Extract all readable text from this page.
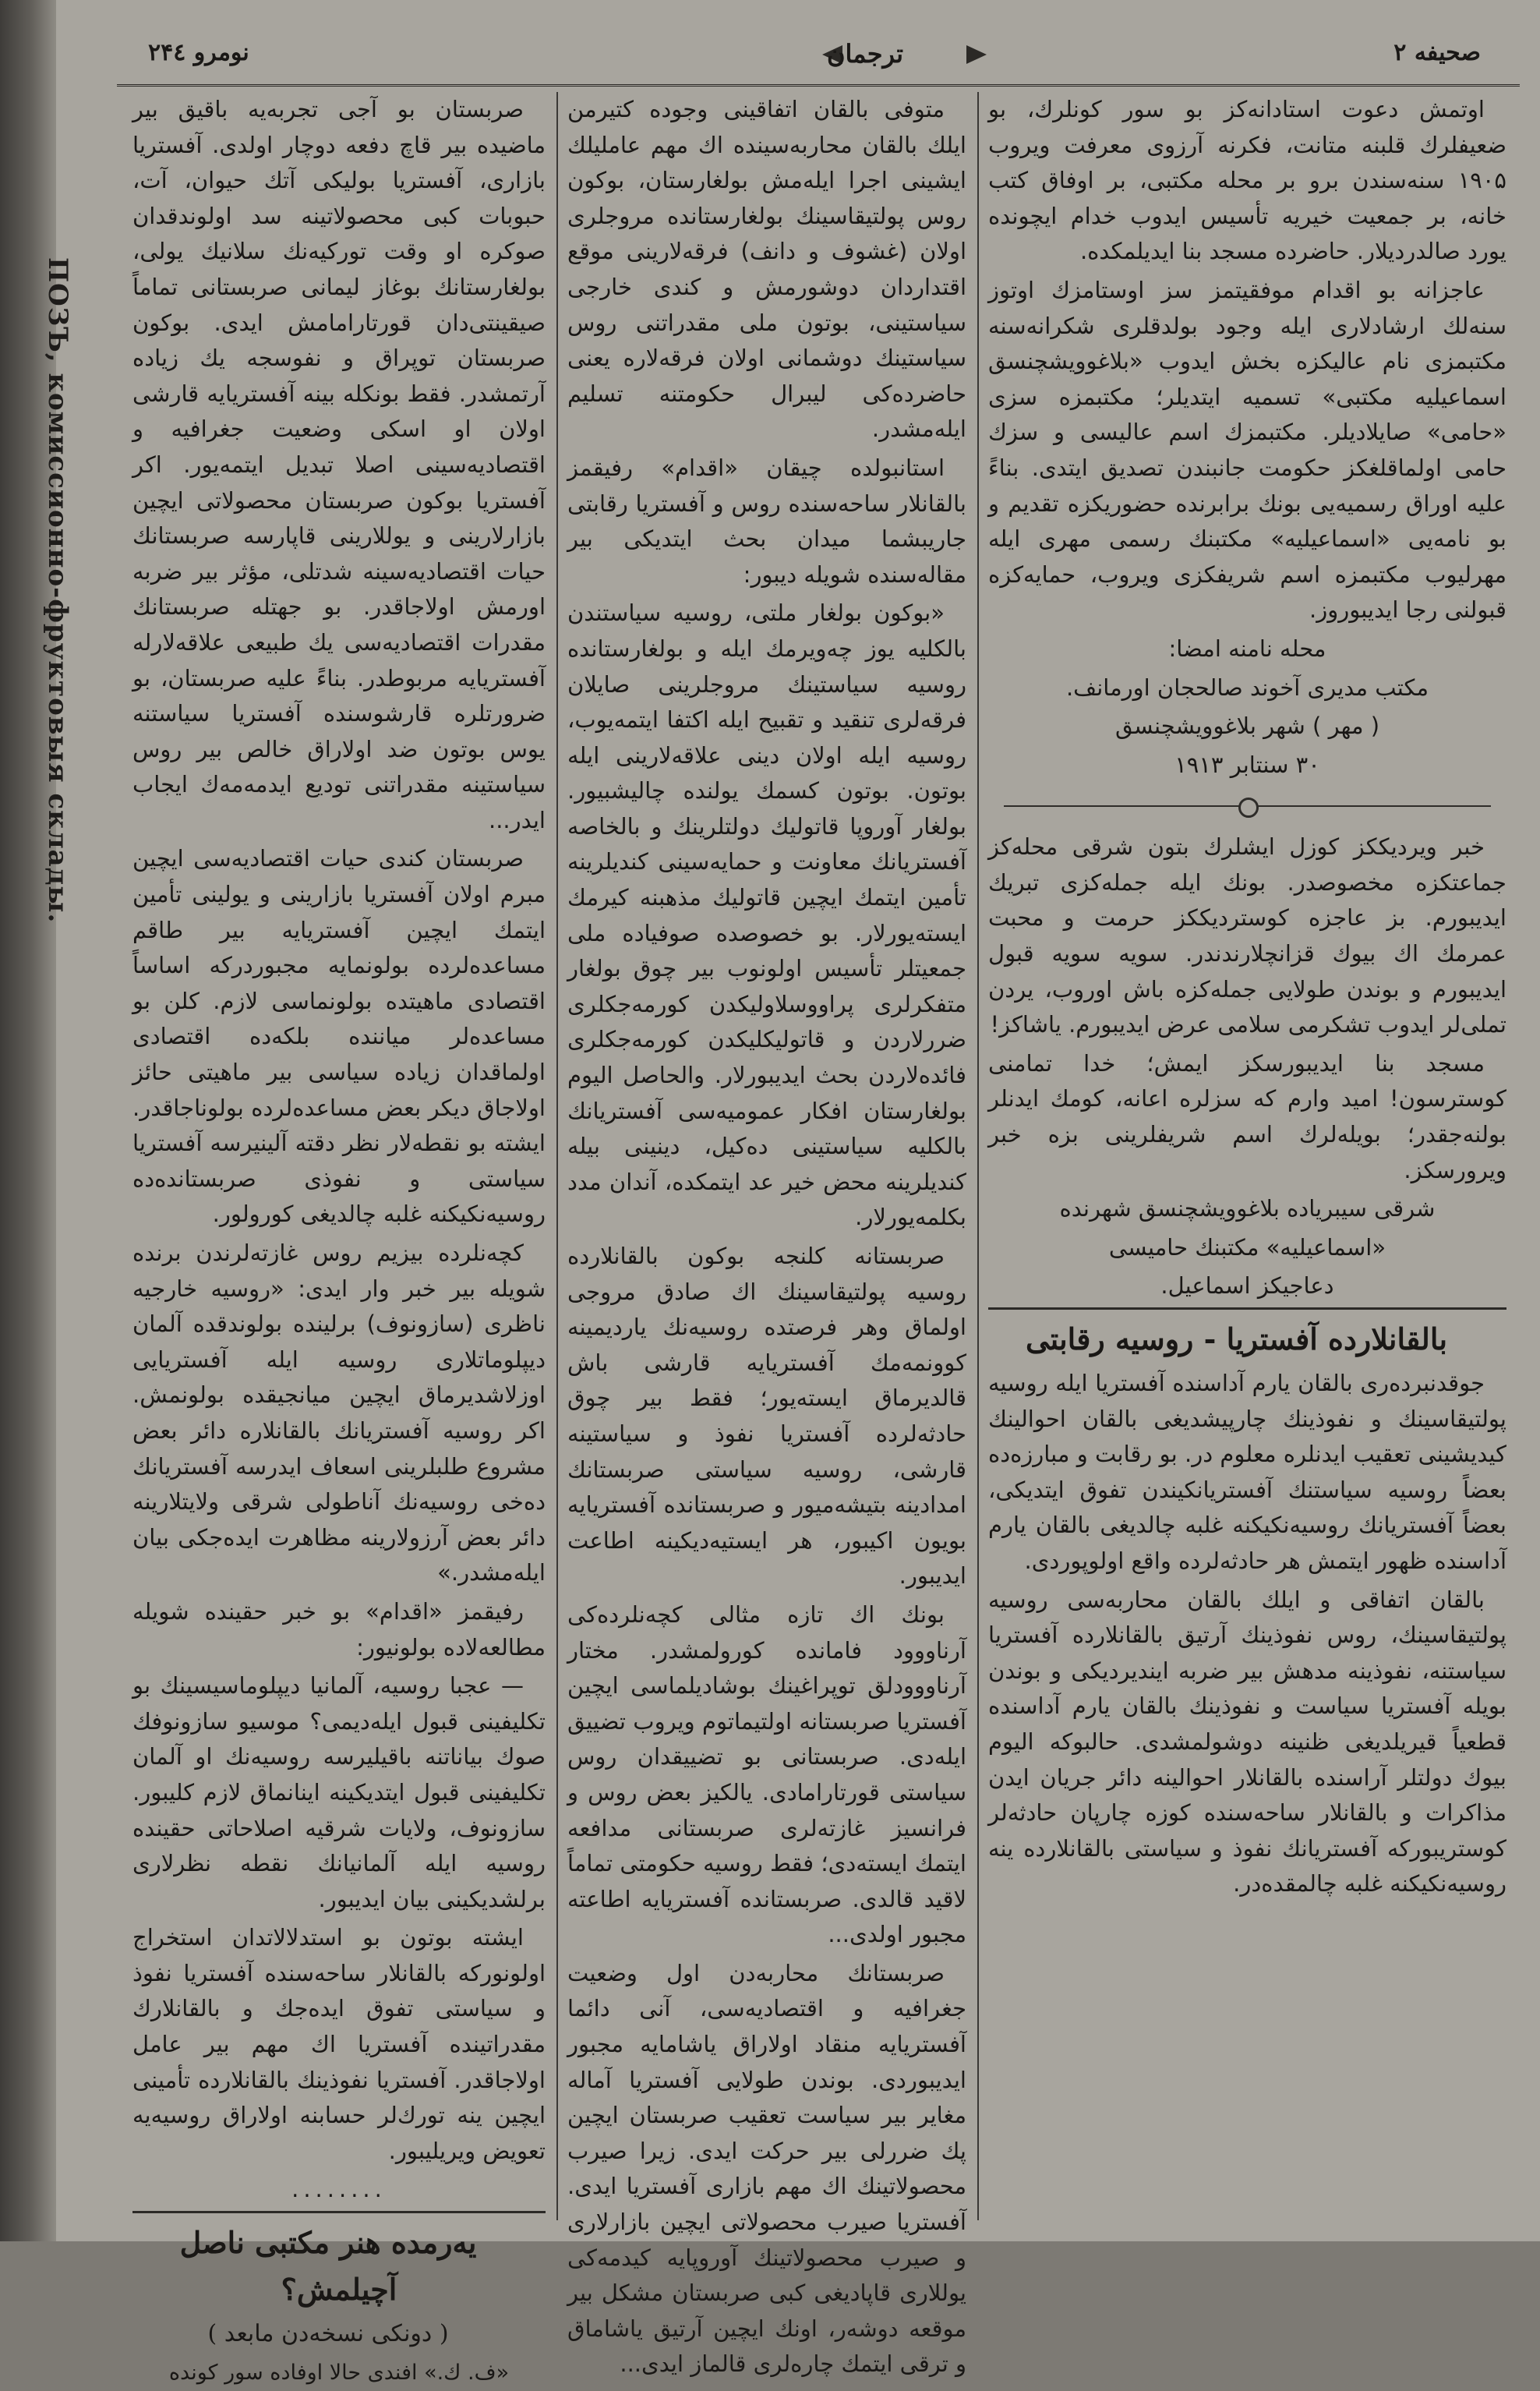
ПОЗЪ, комиссионно-фруктовыя склады.
نومرو ۲۴٤	ترجمان	صحیفه ۲

اوتمش دعوت استادانه‌کز بو سور کونلرك، بو ضعیفلرك قلبنه متانت، فکرنه آرزوی معرفت ویروب ۱۹۰۵ سنه‌سندن برو بر محله مکتبی، بر اوفاق کتب خانه، بر جمعیت خیریه تأسیس ایدوب خدام ایچونده یورد صالدردیلار. حاضرده مسجد بنا ایدیلمکده.

عاجزانه بو اقدام موفقیتمز سز اوستامزك اوتوز سنه‌لك ارشادلاری ایله وجود بولدقلری شکرانه‌سنه مکتبمزی نام عالیکزه بخش ایدوب «بلاغوویشچنسق اسماعیلیه مکتبی» تسمیه ایتدیلر؛ مکتبمزه سزی «حامی» صایلادیلر. مکتبمزك اسم عالیسی و سزك حامی اولماقلغکز حکومت جانبندن تصدیق ایتدی. بنا‌ءً علیه اوراق رسمیه‌یی بونك برابرنده حضوریکزه تقدیم و بو نامه‌یی «اسماعیلیه» مکتبنك رسمی مهری ایله مهرلیوب مکتبمزه اسم شریفکزی ویروب، حمایه‌کزه قبولنی رجا ایدیبوروز.

محله نامنه امضا:

مکتب مدیری آخوند صالحجان اورمانف.

( مهر ) شهر بلاغوویشچنسق

۳۰ سنتابر ۱۹۱۳

خبر ویردیککز کوزل ایشلرك بتون شرقی محله‌کز جماعتکزه مخصوصدر. بونك ایله جمله‌کزی تبریك ایدیبورم. بز عاجزه کوستردیککز حرمت و محبت عمرمك اك بیوك قزانچلارندندر. سویه سویه قبول ایدیبورم و بوندن طولایی جمله‌کزه باش اوروب، یردن تملی‌لر ایدوب تشکرمی سلامی عرض ایدیبورم. یاشاکز!

مسجد بنا ایدیبورسکز ایمش؛ خدا تمامنی کوسترسون! امید وارم که سزلره اعانه، کومك ایدنلر بولنه‌جقدر؛ بویله‌لرك اسم شریفلرینی بزه خبر ویرورسکز.

شرقی سیبریاده بلاغوویشچنسق شهرنده

«اسماعیلیه» مکتبنك حامیسی

دعاجیکز اسماعیل.

بالقانلارده آفستریا - روسیه رقابتی

جوقدنبرده‌ری بالقان یارم آداسنده آفستریا ایله روسیه پولتیقاسینك و نفوذینك چارپیشدیغی بالقان احوالینك کیدیشینی تعقیب ایدنلره معلوم در. بو رقابت و مبارزه‌ده بعضاً روسیه سیاستنك آفستریانکیندن تفوق ایتدیکی، بعضاً آفستریانك روسیه‌نکیکنه غلبه چالدیغی بالقان یارم آداسنده ظهور ایتمش هر حادثه‌لرده واقع اولوپوردی.

بالقان اتفاقی و ایلك بالقان محاربه‌سی روسیه پولتیقاسینك، روس نفوذینك آرتیق بالقانلارده آفستریا سیاستنه، نفوذینه مدهش بیر ضربه ایندیردیکی و بوندن بویله آفستریا سیاست و نفوذینك بالقان یارم آداسنده قطعیاً قیریلدیغی ظنینه دوشولمشدی. حالبوکه الیوم بیوك دولتلر آراسنده بالقانلار احوالینه دائر جریان ایدن مذاکرات و بالقانلار ساحه‌سنده کوزه چارپان حادثه‌لر کوستریبورکه آفستریانك نفوذ و سیاستی بالقانلارده ینه روسیه‌نکیکنه غلبه چالمقده‌در.

متوفی بالقان اتفاقینی وجوده کتیرمن ایلك بالقان محاربه‌سینده اك مهم عاملیلك ایشینی اجرا ایله‌مش بولغارستان، بوکون روس پولتیقاسینك بولغارستانده مروجلری اولان (غشوف و دانف) فرقه‌لارینی موقع اقتداردان دوشورمش و کندی خارجی سیاستینی، بوتون ملی مقدراتنی روس سیاستینك دوشمانی اولان فرقه‌لاره یعنی حاضرده‌کی لیبرال حکومتنه تسلیم ایله‌مشدر.

استانبولده چیقان «اقدام» رفیقمز بالقانلار ساحه‌سنده روس و آفستریا رقابتی جاریبشما میدان بحث ایتدیکی بیر مقاله‌سنده شویله دیبور:

«بوکون بولغار ملتی، روسیه سیاستندن بالکلیه یوز چه‌ویرمك ایله و بولغارستانده روسیه سیاستینك مروجلرینی صایلان فرقه‌لری تنقید و تقبیح ایله اکتفا ایتمه‌یوب، روسیه ایله اولان دینی علاقه‌لارینی ایله بوتون. بوتون کسمك یولنده چالیشبیور. بولغار آوروپا قاتولیك دولتلرینك و بالخاصه آفستریانك معاونت و حمایه‌سینی کندیلرینه تأمین ایتمك ایچین قاتولیك مذهبنه کیرمك ایسته‌یورلار. بو خصوصده صوفیاده ملی جمعیتلر تأسیس اولونوب بیر چوق بولغار متفکرلری پراووسلاولیکدن کورمه‌جکلری ضررلاردن و قاتولیکلیکدن کورمه‌جکلری فائده‌لاردن بحث ایدیبورلار. والحاصل الیوم بولغارستان افکار عمومیه‌سی آفستریانك بالکلیه سیاستینی ده‌کیل، دینینی بیله کندیلرینه محض خیر عد ایتمکده، آندان مدد بکلمه‌یورلار.

صربستانه کلنجه بوکون بالقانلارده روسیه پولتیقاسینك اك صادق مروجی اولماق وهر فرصتده روسیه‌نك یاردیمینه کوونمه‌مك آفستریایه قارشی باش قالدیرماق ایسته‌یور؛ فقط بیر چوق حادثه‌لرده آفستریا نفوذ و سیاستینه قارشی، روسیه سیاستی صربستانك امدادینه بتیشه‌میور و صربستانده آفستریایه بویون اکیبور، هر ایستیه‌دیکینه اطاعت ایدیبور.

بونك اك تازه مثالی کچه‌نلرده‌کی آرناووود فامانده کورولمشدر. مختار آرناووودلق توپراغینك بوشادیلماسی ایچین آفستریا صربستانه اولتیماتوم ویروب تضییق ایله‌دی. صربستانی بو تضییقدان روس سیاستی قورتارامادی. یالکیز بعض روس و فرانسیز غازته‌لری صربستانی مدافعه ایتمك ایسته‌دی؛ فقط روسیه حکومتی تماماً لاقید قالدی. صربستانده آفستریایه اطاعته مجبور اولدی...

صربستانك محاربه‌دن اول وضعیت جغرافیه و اقتصادیه‌سی، آنی دائما آفستریایه منقاد اولاراق یاشامایه مجبور ایدیبوردی. بوندن طولایی آفستریا آماله مغایر بیر سیاست تعقیب صربستان ایچین پك ضررلی بیر حرکت ایدی. زیرا صیرب محصولاتینك اك مهم بازاری آفستریا ایدی. آفستریا صیرب محصولاتی ایچین بازارلاری و صیرب محصولاتینك آوروپایه کیدمه‌کی یوللاری قاپادیغی کبی صربستان مشکل بیر موقعه دوشه‌ر، اونك ایچین آرتیق یاشاماق و ترقی ایتمك چاره‌لری قالماز ایدی...

صربستان بو آجی تجربه‌یه باقیق بیر ماضیده بیر قاچ دفعه دوچار اولدی. آفستریا بازاری، آفستریا بولیکی آتك حیوان، آت، حبوبات کبی محصولاتینه سد اولوندقدان صوکره او وقت تورکیه‌نك سلانیك یولی، بولغارستانك بوغاز لیمانی صربستانی تماماً صیقینتی‌دان قورتارامامش ایدی. بوکون صربستان توپراق و نفوسجه یك زیاده آرتمشدر. فقط بونکله بینه آفستریایه قارشی اولان او اسکی وضعیت جغرافیه و اقتصادیه‌سینی اصلا تبدیل ایتمه‌یور. اکر آفستریا بوکون صربستان محصولاتی ایچین بازارلارینی و یوللارینی قاپارسه صربستانك حیات اقتصادیه‌سینه شدتلی، مؤثر بیر ضربه اورمش اولاجاقدر. بو جهتله صربستانك مقدرات اقتصادیه‌سی یك طبیعی علاقه‌لارله آفستریایه مربوطدر. بنا‌ءً علیه صربستان، بو ضرورتلره قارشوسنده آفستریا سیاستنه یوس بوتون ضد اولاراق خالص بیر روس سیاستینه مقدراتنی تودیع ایدمه‌مه‌ك ایجاب ایدر...

صربستان کندی حیات اقتصادیه‌سی ایچین مبرم اولان آفستریا بازارینی و یولینی تأمین ایتمك ایچین آفستریایه بیر طاقم مساعده‌لرده بولونمایه مجبوردرکه اساساً اقتصادی ماهیتده بولونماسی لازم. کلن بو مساعده‌لر میاننده بلکه‌ده اقتصادی اولماقدان زیاده سیاسی بیر ماهیتی حائز اولاجاق دیکر بعض مساعده‌لرده بولوناجاقدر. ایشته بو نقطه‌لار نظر دقته آلینیرسه آفستریا سیاستی و نفوذی صربستانده‌ده روسیه‌نکیکنه غلبه چالدیغی کورولور.

کچه‌نلرده بیزیم روس غازته‌لرندن برنده شویله بیر خبر وار ایدی: «روسیه خارجیه ناظری (سازونوف) برلینده بولوندقده آلمان دیپلوماتلاری روسیه ایله آفستریایی اوزلاشدیرماق ایچین میانجیقده بولونمش. اکر روسیه آفستریانك بالقانلاره دائر بعض مشروع طلبلرینی اسعاف ایدرسه آفستریانك ده‌خی روسیه‌نك آناطولی شرقی ولایتلارینه دائر بعض آرزولارینه مظاهرت ایده‌جکی بیان ایله‌مشدر.»

رفیقمز «اقدام» بو خبر حقینده شویله مطالعه‌لاده بولونیور:

— عجبا روسیه، آلمانیا دیپلوماسیسینك بو تکلیفینی قبول ایله‌دیمی؟ موسیو سازونوفك صوك بیاناتنه باقیلیرسه روسیه‌نك او آلمان تکلیفینی قبول ایتدیکینه اینانماق لازم کلیبور. سازونوف، ولایات شرقیه اصلاحاتی حقینده روسیه ایله آلمانیانك نقطه نظرلاری برلشدیکینی بیان ایدیبور.

ایشته بوتون بو استدلالاتدان استخراج اولونورکه بالقانلار ساحه‌سنده آفستریا نفوذ و سیاستی تفوق ایده‌جك و بالقانلارك مقدراتینده آفستریا اك مهم بیر عامل اولاجاقدر. آفستریا نفوذینك بالقانلارده تأمینی ایچین ینه تورك‌لر حسابنه اولاراق روسیه‌یه تعویض ویریلیبور.

........

یه‌رمده هنر مکتبی ناصل آچیلمش؟

( دونکی نسخه‌دن مابعد )

«ف. ك.» افندی حالا اوفاده سور کونده
